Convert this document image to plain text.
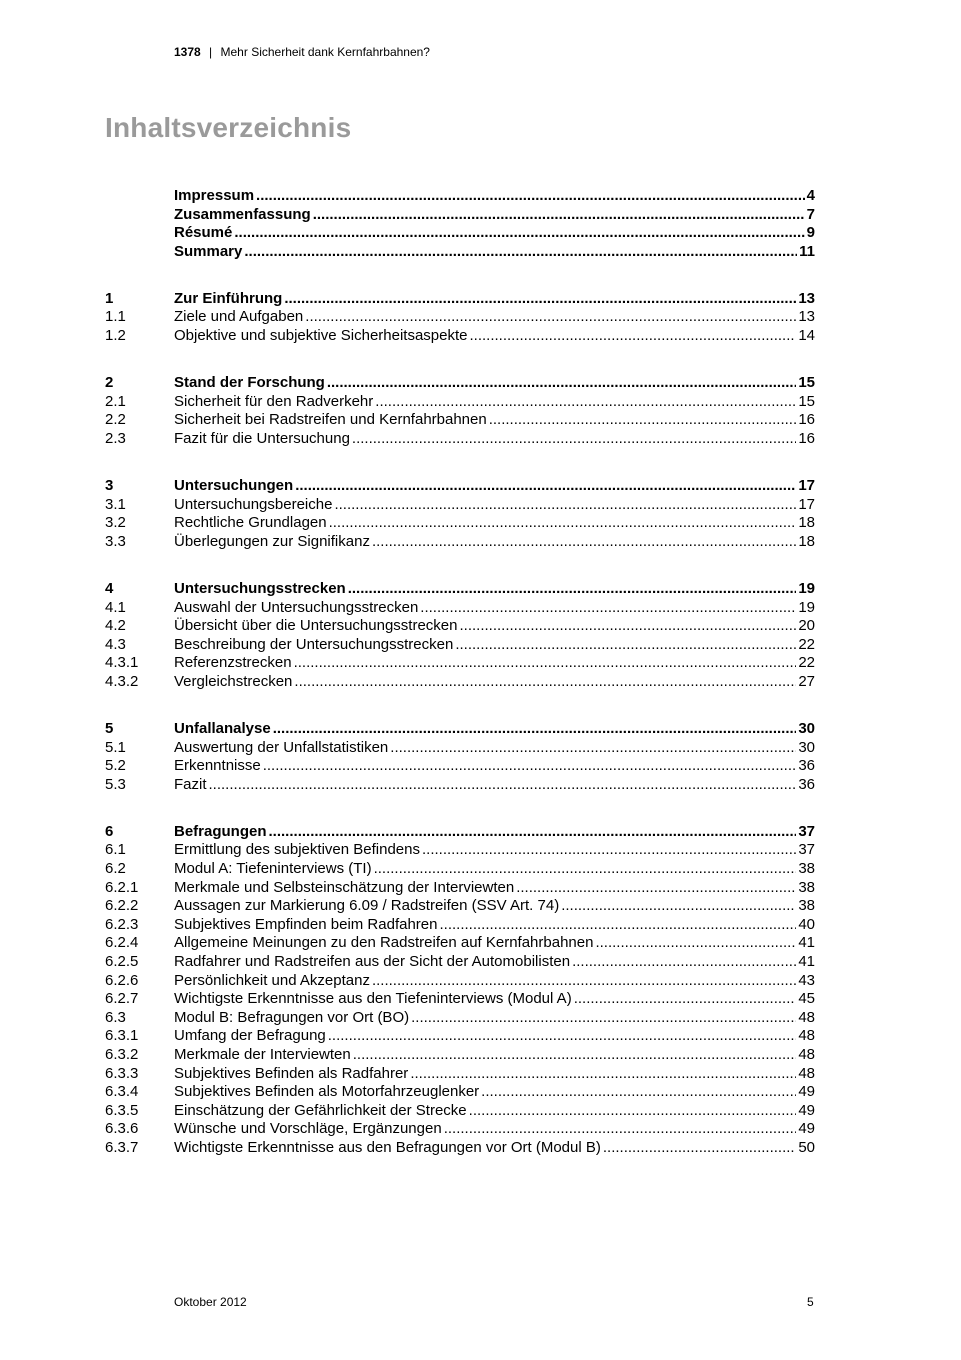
1378 | Mehr Sicherheit dank Kernfahrbahnen?
Inhaltsverzeichnis
Impressum .....	4
Zusammenfassung .....	7
Résumé .....	9
Summary .....	11
1	Zur Einführung .....	13
1.1	Ziele und Aufgaben .....	13
1.2	Objektive und subjektive Sicherheitsaspekte .....	14
2	Stand der Forschung .....	15
2.1	Sicherheit für den Radverkehr .....	15
2.2	Sicherheit bei Radstreifen und Kernfahrbahnen .....	16
2.3	Fazit für die Untersuchung .....	16
3	Untersuchungen .....	17
3.1	Untersuchungsbereiche .....	17
3.2	Rechtliche Grundlagen .....	18
3.3	Überlegungen zur Signifikanz .....	18
4	Untersuchungsstrecken .....	19
4.1	Auswahl der Untersuchungsstrecken .....	19
4.2	Übersicht über die Untersuchungsstrecken .....	20
4.3	Beschreibung der Untersuchungsstrecken .....	22
4.3.1	Referenzstrecken .....	22
4.3.2	Vergleichstrecken .....	27
5	Unfallanalyse .....	30
5.1	Auswertung der Unfallstatistiken .....	30
5.2	Erkenntnisse .....	36
5.3	Fazit .....	36
6	Befragungen .....	37
6.1	Ermittlung des subjektiven Befindens .....	37
6.2	Modul A: Tiefeninterviews (TI) .....	38
6.2.1	Merkmale und Selbsteinschätzung der Interviewten .....	38
6.2.2	Aussagen zur Markierung 6.09 / Radstreifen (SSV Art. 74) .....	38
6.2.3	Subjektives Empfinden beim Radfahren .....	40
6.2.4	Allgemeine Meinungen zu den Radstreifen auf Kernfahrbahnen .....	41
6.2.5	Radfahrer und Radstreifen aus der Sicht der Automobilisten .....	41
6.2.6	Persönlichkeit und Akzeptanz .....	43
6.2.7	Wichtigste Erkenntnisse aus den Tiefeninterviews (Modul A) .....	45
6.3	Modul B: Befragungen vor Ort (BO) .....	48
6.3.1	Umfang der Befragung .....	48
6.3.2	Merkmale der Interviewten .....	48
6.3.3	Subjektives Befinden als Radfahrer .....	48
6.3.4	Subjektives Befinden als Motorfahrzeuglenker .....	49
6.3.5	Einschätzung der Gefährlichkeit der Strecke .....	49
6.3.6	Wünsche und Vorschläge, Ergänzungen .....	49
6.3.7	Wichtigste Erkenntnisse aus den Befragungen vor Ort (Modul B) .....	50
Oktober 2012	5
